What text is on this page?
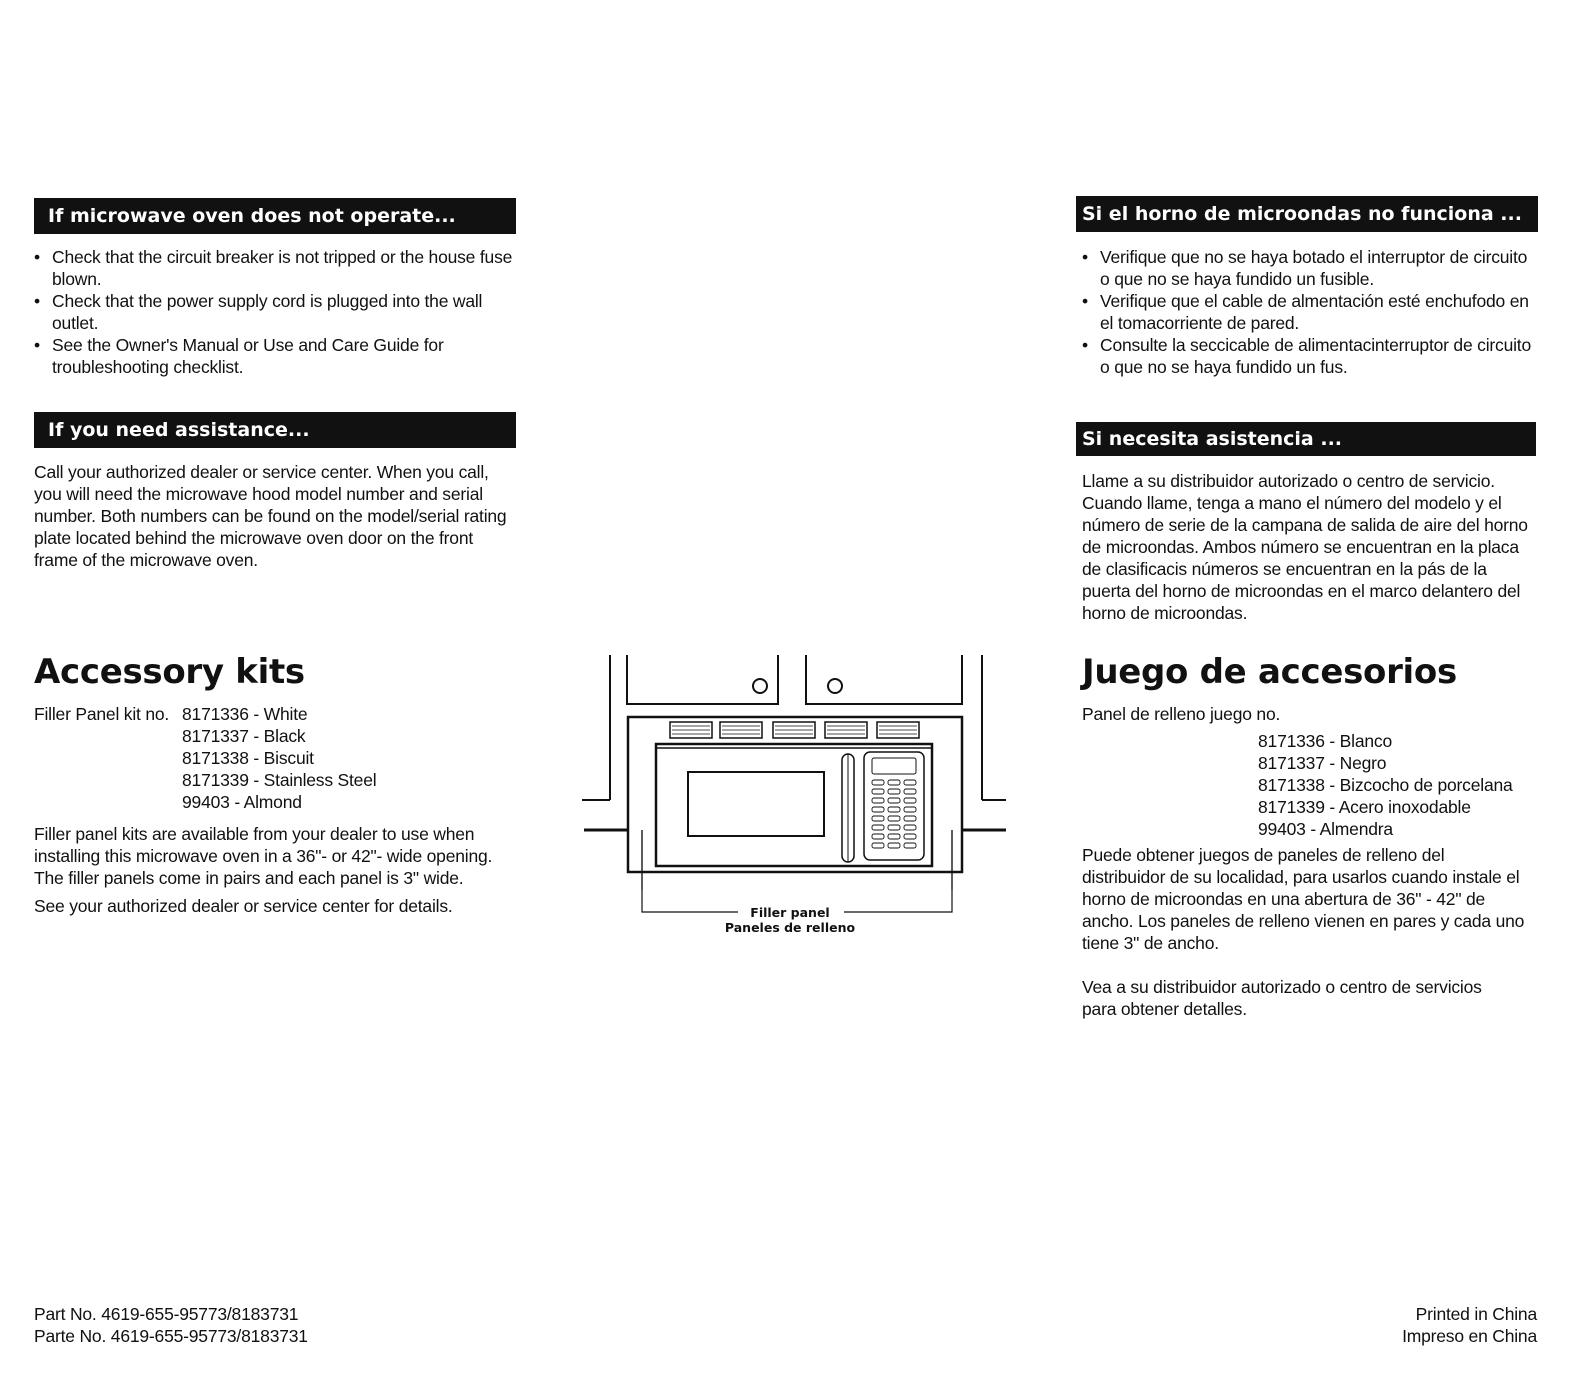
If microwave oven does not operate...
• Check that the circuit breaker is not tripped or the house fuse blown.
• Check that the power supply cord is plugged into the wall outlet.
• See the Owner's Manual or Use and Care Guide for troubleshooting checklist.
If you need assistance...

Call your authorized dealer or service center. When you call, you will need the microwave hood model number and serial number. Both numbers can be found on the model/serial rating plate located behind the microwave oven door on the front frame of the microwave oven.

Accessory kits
Filler Panel kit no. 8171336 - White
8171337 - Black
8171338 - Biscuit
8171339 - Stainless Steel
99403 - Almond

Filler panel kits are available from your dealer to use when installing this microwave oven in a 36"- or 42"- wide opening. The filler panels come in pairs and each panel is 3" wide.

See your authorized dealer or service center for details.

Part No. 4619-655-95773/8183731
Parte No. 4619-655-95773/8183731
Filler panel
Paneles de relleno
Si el horno de microondas no funciona ...
• Verifique que no se haya botado el interruptor de circuito o que no se haya fundido un fusible.
• Verifique que el cable de almentación esté enchufodo en el tomacorriente de pared.
• Consulte la seccicable de alimentacinterruptor de circuito o que no se haya fundido un fus.
Si necesita asistencia ...

Llame a su distribuidor autorizado o centro de servicio. Cuando llame, tenga a mano el número del modelo y el número de serie de la campana de salida de aire del horno de microondas. Ambos número se encuentran en la placa de clasificacis números se encuentran en la pás de la puerta del horno de microondas en el marco delantero del horno de microondas.

Juego de accesorios
Panel de relleno juego no.
8171336 - Blanco
8171337 - Negro
8171338 - Bizcocho de porcelana
8171339 - Acero inoxodable
99403 - Almendra

Puede obtener juegos de paneles de relleno del distribuidor de su localidad, para usarlos cuando instale el horno de microondas en una abertura de 36" - 42" de ancho. Los paneles de relleno vienen en pares y cada uno tiene 3" de ancho.

Vea a su distribuidor autorizado o centro de servicios para obtener detalles.

Printed in China
Impreso en China
